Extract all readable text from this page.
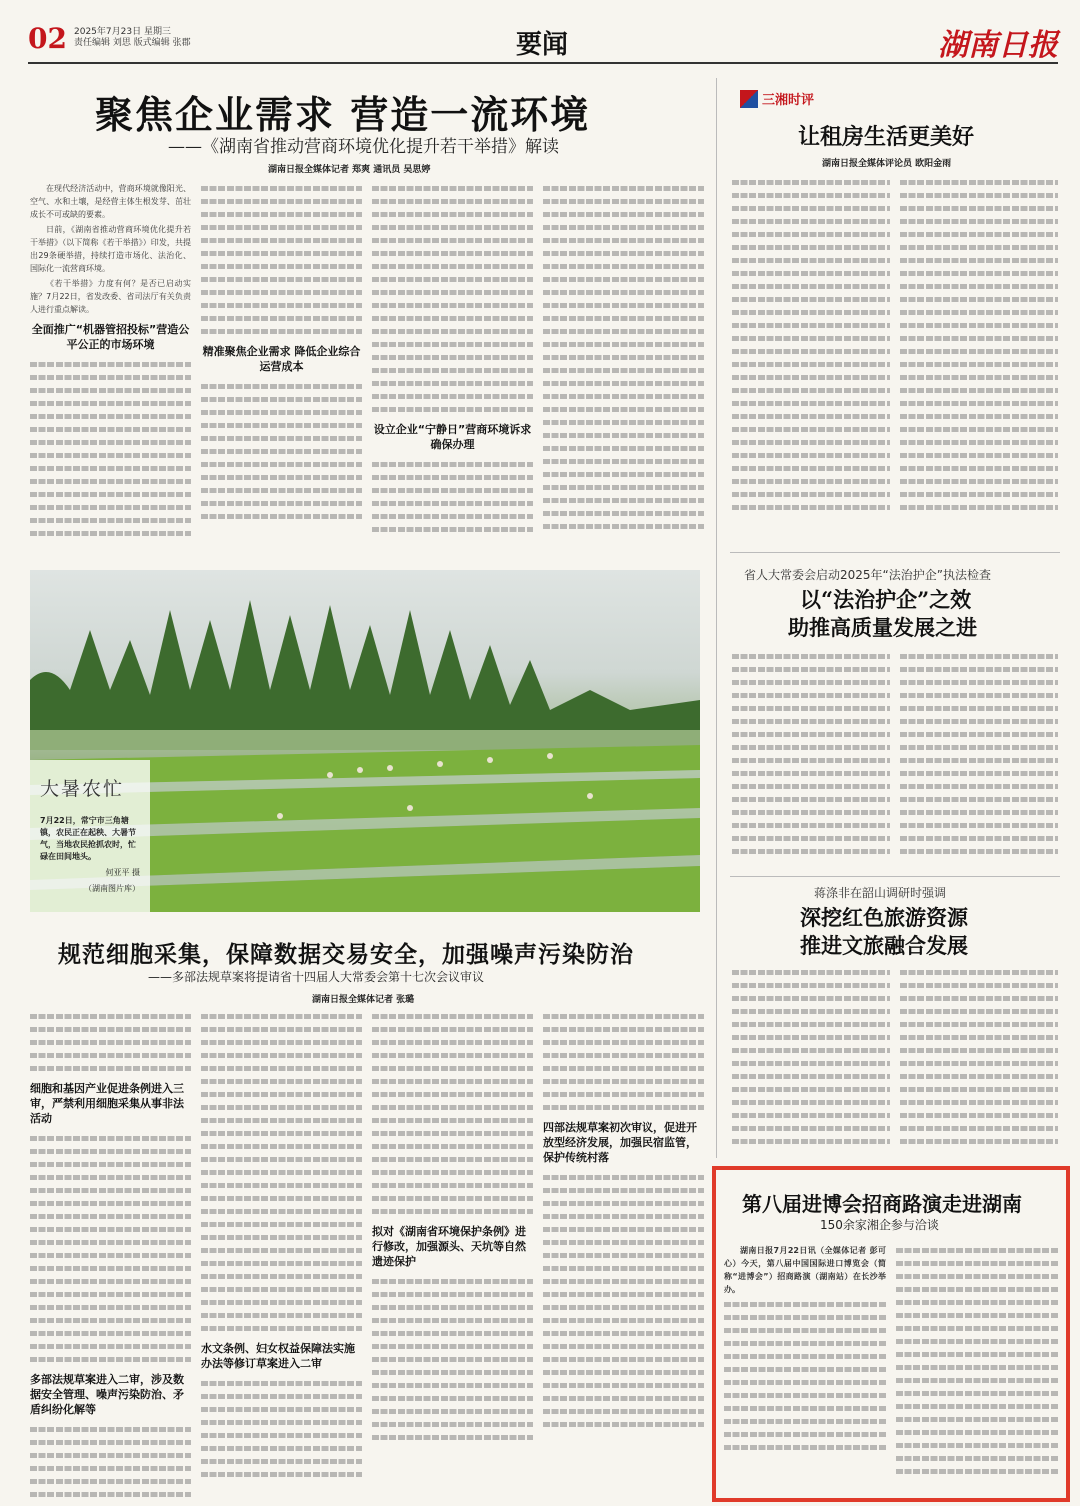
02 2025年7月23日 星期三
责任编辑 刘思 版式编辑 张郡	要闻	湖南日报
聚焦企业需求 营造一流环境
——《湖南省推动营商环境优化提升若干举措》解读
湖南日报全媒体记者 郑爽 通讯员 吴思婷

在现代经济活动中，营商环境就像阳光、空气、水和土壤，是经营主体生根发芽、茁壮成长不可或缺的要素。

日前，《湖南省推动营商环境优化提升若干举措》（以下简称《若干举措》）印发，共提出29条硬举措，持续打造市场化、法治化、国际化一流营商环境。

《若干举措》力度有何？是否已启动实施？7月22日，省发改委、省司法厅有关负责人进行重点解读。

全面推广“机器管招投标”营造公平公正的市场环境
精准聚焦企业需求 降低企业综合运营成本
设立企业“宁静日”营商环境诉求确保办理
三湘时评
让租房生活更美好
湖南日报全媒体评论员 欧阳金雨
省人大常委会启动2025年“法治护企”执法检查
以“法治护企”之效
助推高质量发展之进
蒋涤非在韶山调研时强调
深挖红色旅游资源
推进文旅融合发展
大暑农忙
7月22日，常宁市三角塘镇，农民正在起秧、大暑节气，当地农民抢抓农时，忙碌在田间地头。
何亚平 摄
（湖南图片库）
规范细胞采集，保障数据交易安全，加强噪声污染防治
——多部法规草案将提请省十四届人大常委会第十七次会议审议
湖南日报全媒体记者 张璐
细胞和基因产业促进条例进入三审，严禁利用细胞采集从事非法活动
多部法规草案进入二审，涉及数据安全管理、噪声污染防治、矛盾纠纷化解等
水文条例、妇女权益保障法实施办法等修订草案进入二审
拟对《湖南省环境保护条例》进行修改，加强源头、天坑等自然遗迹保护
四部法规草案初次审议，促进开放型经济发展，加强民宿监管，保护传统村落
第八届进博会招商路演走进湖南
150余家湘企参与洽谈

湖南日报7月22日讯（全媒体记者 彭可心）今天，第八届中国国际进口博览会（简称“进博会”）招商路演（湖南站）在长沙举办。
